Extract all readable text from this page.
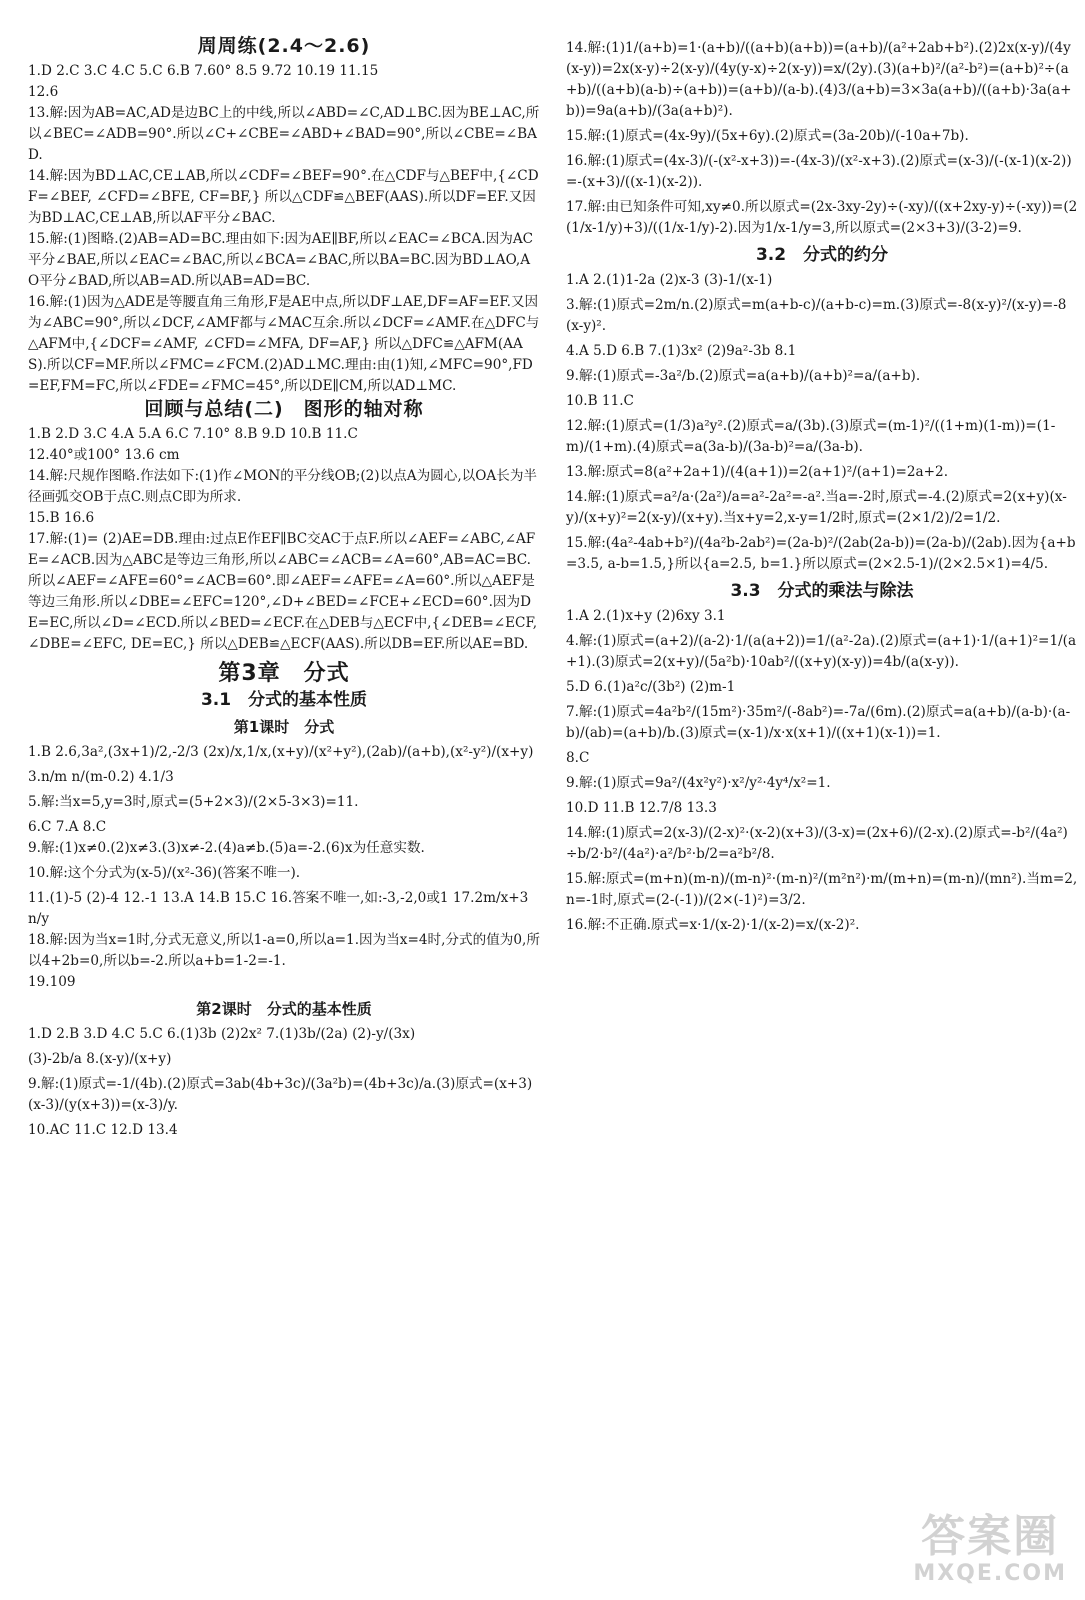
周周练(2.4～2.6)

1.D 2.C 3.C 4.C 5.C 6.B 7.60° 8.5 9.72 10.19 11.15

12.6

13.解:因为AB=AC,AD是边BC上的中线,所以∠ABD=∠C,AD⊥BC.因为BE⊥AC,所以∠BEC=∠ADB=90°.所以∠C+∠CBE=∠ABD+∠BAD=90°,所以∠CBE=∠BAD.

14.解:因为BD⊥AC,CE⊥AB,所以∠CDF=∠BEF=90°.在△CDF与△BEF中,{∠CDF=∠BEF, ∠CFD=∠BFE, CF=BF,} 所以△CDF≌△BEF(AAS).所以DF=EF.又因为BD⊥AC,CE⊥AB,所以AF平分∠BAC.

15.解:(1)图略.(2)AB=AD=BC.理由如下:因为AE∥BF,所以∠EAC=∠BCA.因为AC平分∠BAE,所以∠EAC=∠BAC,所以∠BCA=∠BAC,所以BA=BC.因为BD⊥AO,AO平分∠BAD,所以AB=AD.所以AB=AD=BC.

16.解:(1)因为△ADE是等腰直角三角形,F是AE中点,所以DF⊥AE,DF=AF=EF.又因为∠ABC=90°,所以∠DCF,∠AMF都与∠MAC互余.所以∠DCF=∠AMF.在△DFC与△AFM中,{∠DCF=∠AMF, ∠CFD=∠MFA, DF=AF,} 所以△DFC≌△AFM(AAS).所以CF=MF.所以∠FMC=∠FCM.(2)AD⊥MC.理由:由(1)知,∠MFC=90°,FD=EF,FM=FC,所以∠FDE=∠FMC=45°,所以DE∥CM,所以AD⊥MC.

回顾与总结(二)　图形的轴对称

1.B 2.D 3.C 4.A 5.A 6.C 7.10° 8.B 9.D 10.B 11.C

12.40°或100° 13.6 cm

14.解:尺规作图略.作法如下:(1)作∠MON的平分线OB;(2)以点A为圆心,以OA长为半径画弧交OB于点C.则点C即为所求.

15.B 16.6

17.解:(1)= (2)AE=DB.理由:过点E作EF∥BC交AC于点F.所以∠AEF=∠ABC,∠AFE=∠ACB.因为△ABC是等边三角形,所以∠ABC=∠ACB=∠A=60°,AB=AC=BC.所以∠AEF=∠AFE=60°=∠ACB=60°.即∠AEF=∠AFE=∠A=60°.所以△AEF是等边三角形.所以∠DBE=∠EFC=120°,∠D+∠BED=∠FCE+∠ECD=60°.因为DE=EC,所以∠D=∠ECD.所以∠BED=∠ECF.在△DEB与△ECF中,{∠DEB=∠ECF, ∠DBE=∠EFC, DE=EC,} 所以△DEB≌△ECF(AAS).所以DB=EF.所以AE=BD.

第3章　分式
3.1　分式的基本性质
第1课时　分式

1.B 2.6,3a²,(3x+1)/2,-2/3 (2x)/x,1/x,(x+y)/(x²+y²),(2ab)/(a+b),(x²-y²)/(x+y)

3.n/m n/(m-0.2) 4.1/3

5.解:当x=5,y=3时,原式=(5+2×3)/(2×5-3×3)=11.

6.C 7.A 8.C

9.解:(1)x≠0.(2)x≠3.(3)x≠-2.(4)a≠b.(5)a=-2.(6)x为任意实数.

10.解:这个分式为(x-5)/(x²-36)(答案不唯一).

11.(1)-5 (2)-4 12.-1 13.A 14.B 15.C 16.答案不唯一,如:-3,-2,0或1 17.2m/x+3n/y

18.解:因为当x=1时,分式无意义,所以1-a=0,所以a=1.因为当x=4时,分式的值为0,所以4+2b=0,所以b=-2.所以a+b=1-2=-1.

19.109

第2课时　分式的基本性质

1.D 2.B 3.D 4.C 5.C 6.(1)3b (2)2x² 7.(1)3b/(2a) (2)-y/(3x)

(3)-2b/a 8.(x-y)/(x+y)

9.解:(1)原式=-1/(4b).(2)原式=3ab(4b+3c)/(3a²b)=(4b+3c)/a.(3)原式=(x+3)(x-3)/(y(x+3))=(x-3)/y.

10.AC 11.C 12.D 13.4

14.解:(1)1/(a+b)=1·(a+b)/((a+b)(a+b))=(a+b)/(a²+2ab+b²).(2)2x(x-y)/(4y(x-y))=2x(x-y)÷2(x-y)/(4y(y-x)÷2(x-y))=x/(2y).(3)(a+b)²/(a²-b²)=(a+b)²÷(a+b)/((a+b)(a-b)÷(a+b))=(a+b)/(a-b).(4)3/(a+b)=3×3a(a+b)/((a+b)·3a(a+b))=9a(a+b)/(3a(a+b)²).

15.解:(1)原式=(4x-9y)/(5x+6y).(2)原式=(3a-20b)/(-10a+7b).

16.解:(1)原式=(4x-3)/(-(x²-x+3))=-(4x-3)/(x²-x+3).(2)原式=(x-3)/(-(x-1)(x-2))=-(x+3)/((x-1)(x-2)).

17.解:由已知条件可知,xy≠0.所以原式=(2x-3xy-2y)÷(-xy)/((x+2xy-y)÷(-xy))=(2(1/x-1/y)+3)/((1/x-1/y)-2).因为1/x-1/y=3,所以原式=(2×3+3)/(3-2)=9.

3.2　分式的约分

1.A 2.(1)1-2a (2)x-3 (3)-1/(x-1)

3.解:(1)原式=2m/n.(2)原式=m(a+b-c)/(a+b-c)=m.(3)原式=-8(x-y)²/(x-y)=-8(x-y)².

4.A 5.D 6.B 7.(1)3x² (2)9a²-3b 8.1

9.解:(1)原式=-3a²/b.(2)原式=a(a+b)/(a+b)²=a/(a+b).

10.B 11.C

12.解:(1)原式=(1/3)a²y².(2)原式=a/(3b).(3)原式=(m-1)²/((1+m)(1-m))=(1-m)/(1+m).(4)原式=a(3a-b)/(3a-b)²=a/(3a-b).

13.解:原式=8(a²+2a+1)/(4(a+1))=2(a+1)²/(a+1)=2a+2.

14.解:(1)原式=a²/a·(2a²)/a=a²-2a²=-a².当a=-2时,原式=-4.(2)原式=2(x+y)(x-y)/(x+y)²=2(x-y)/(x+y).当x+y=2,x-y=1/2时,原式=(2×1/2)/2=1/2.

15.解:(4a²-4ab+b²)/(4a²b-2ab²)=(2a-b)²/(2ab(2a-b))=(2a-b)/(2ab).因为{a+b=3.5, a-b=1.5,}所以{a=2.5, b=1.}所以原式=(2×2.5-1)/(2×2.5×1)=4/5.

3.3　分式的乘法与除法

1.A 2.(1)x+y (2)6xy 3.1

4.解:(1)原式=(a+2)/(a-2)·1/(a(a+2))=1/(a²-2a).(2)原式=(a+1)·1/(a+1)²=1/(a+1).(3)原式=2(x+y)/(5a²b)·10ab²/((x+y)(x-y))=4b/(a(x-y)).

5.D 6.(1)a²c/(3b²) (2)m-1

7.解:(1)原式=4a²b²/(15m²)·35m²/(-8ab²)=-7a/(6m).(2)原式=a(a+b)/(a-b)·(a-b)/(ab)=(a+b)/b.(3)原式=(x-1)/x·x(x+1)/((x+1)(x-1))=1.

8.C

9.解:(1)原式=9a²/(4x²y²)·x²/y²·4y⁴/x²=1.

10.D 11.B 12.7/8 13.3

14.解:(1)原式=2(x-3)/(2-x)²·(x-2)(x+3)/(3-x)=(2x+6)/(2-x).(2)原式=-b²/(4a²)÷b/2·b²/(4a²)·a²/b²·b/2=a²b²/8.

15.解:原式=(m+n)(m-n)/(m-n)²·(m-n)²/(m²n²)·m/(m+n)=(m-n)/(mn²).当m=2,n=-1时,原式=(2-(-1))/(2×(-1)²)=3/2.

16.解:不正确.原式=x·1/(x-2)·1/(x-2)=x/(x-2)².

答案圈
MXQE.COM
